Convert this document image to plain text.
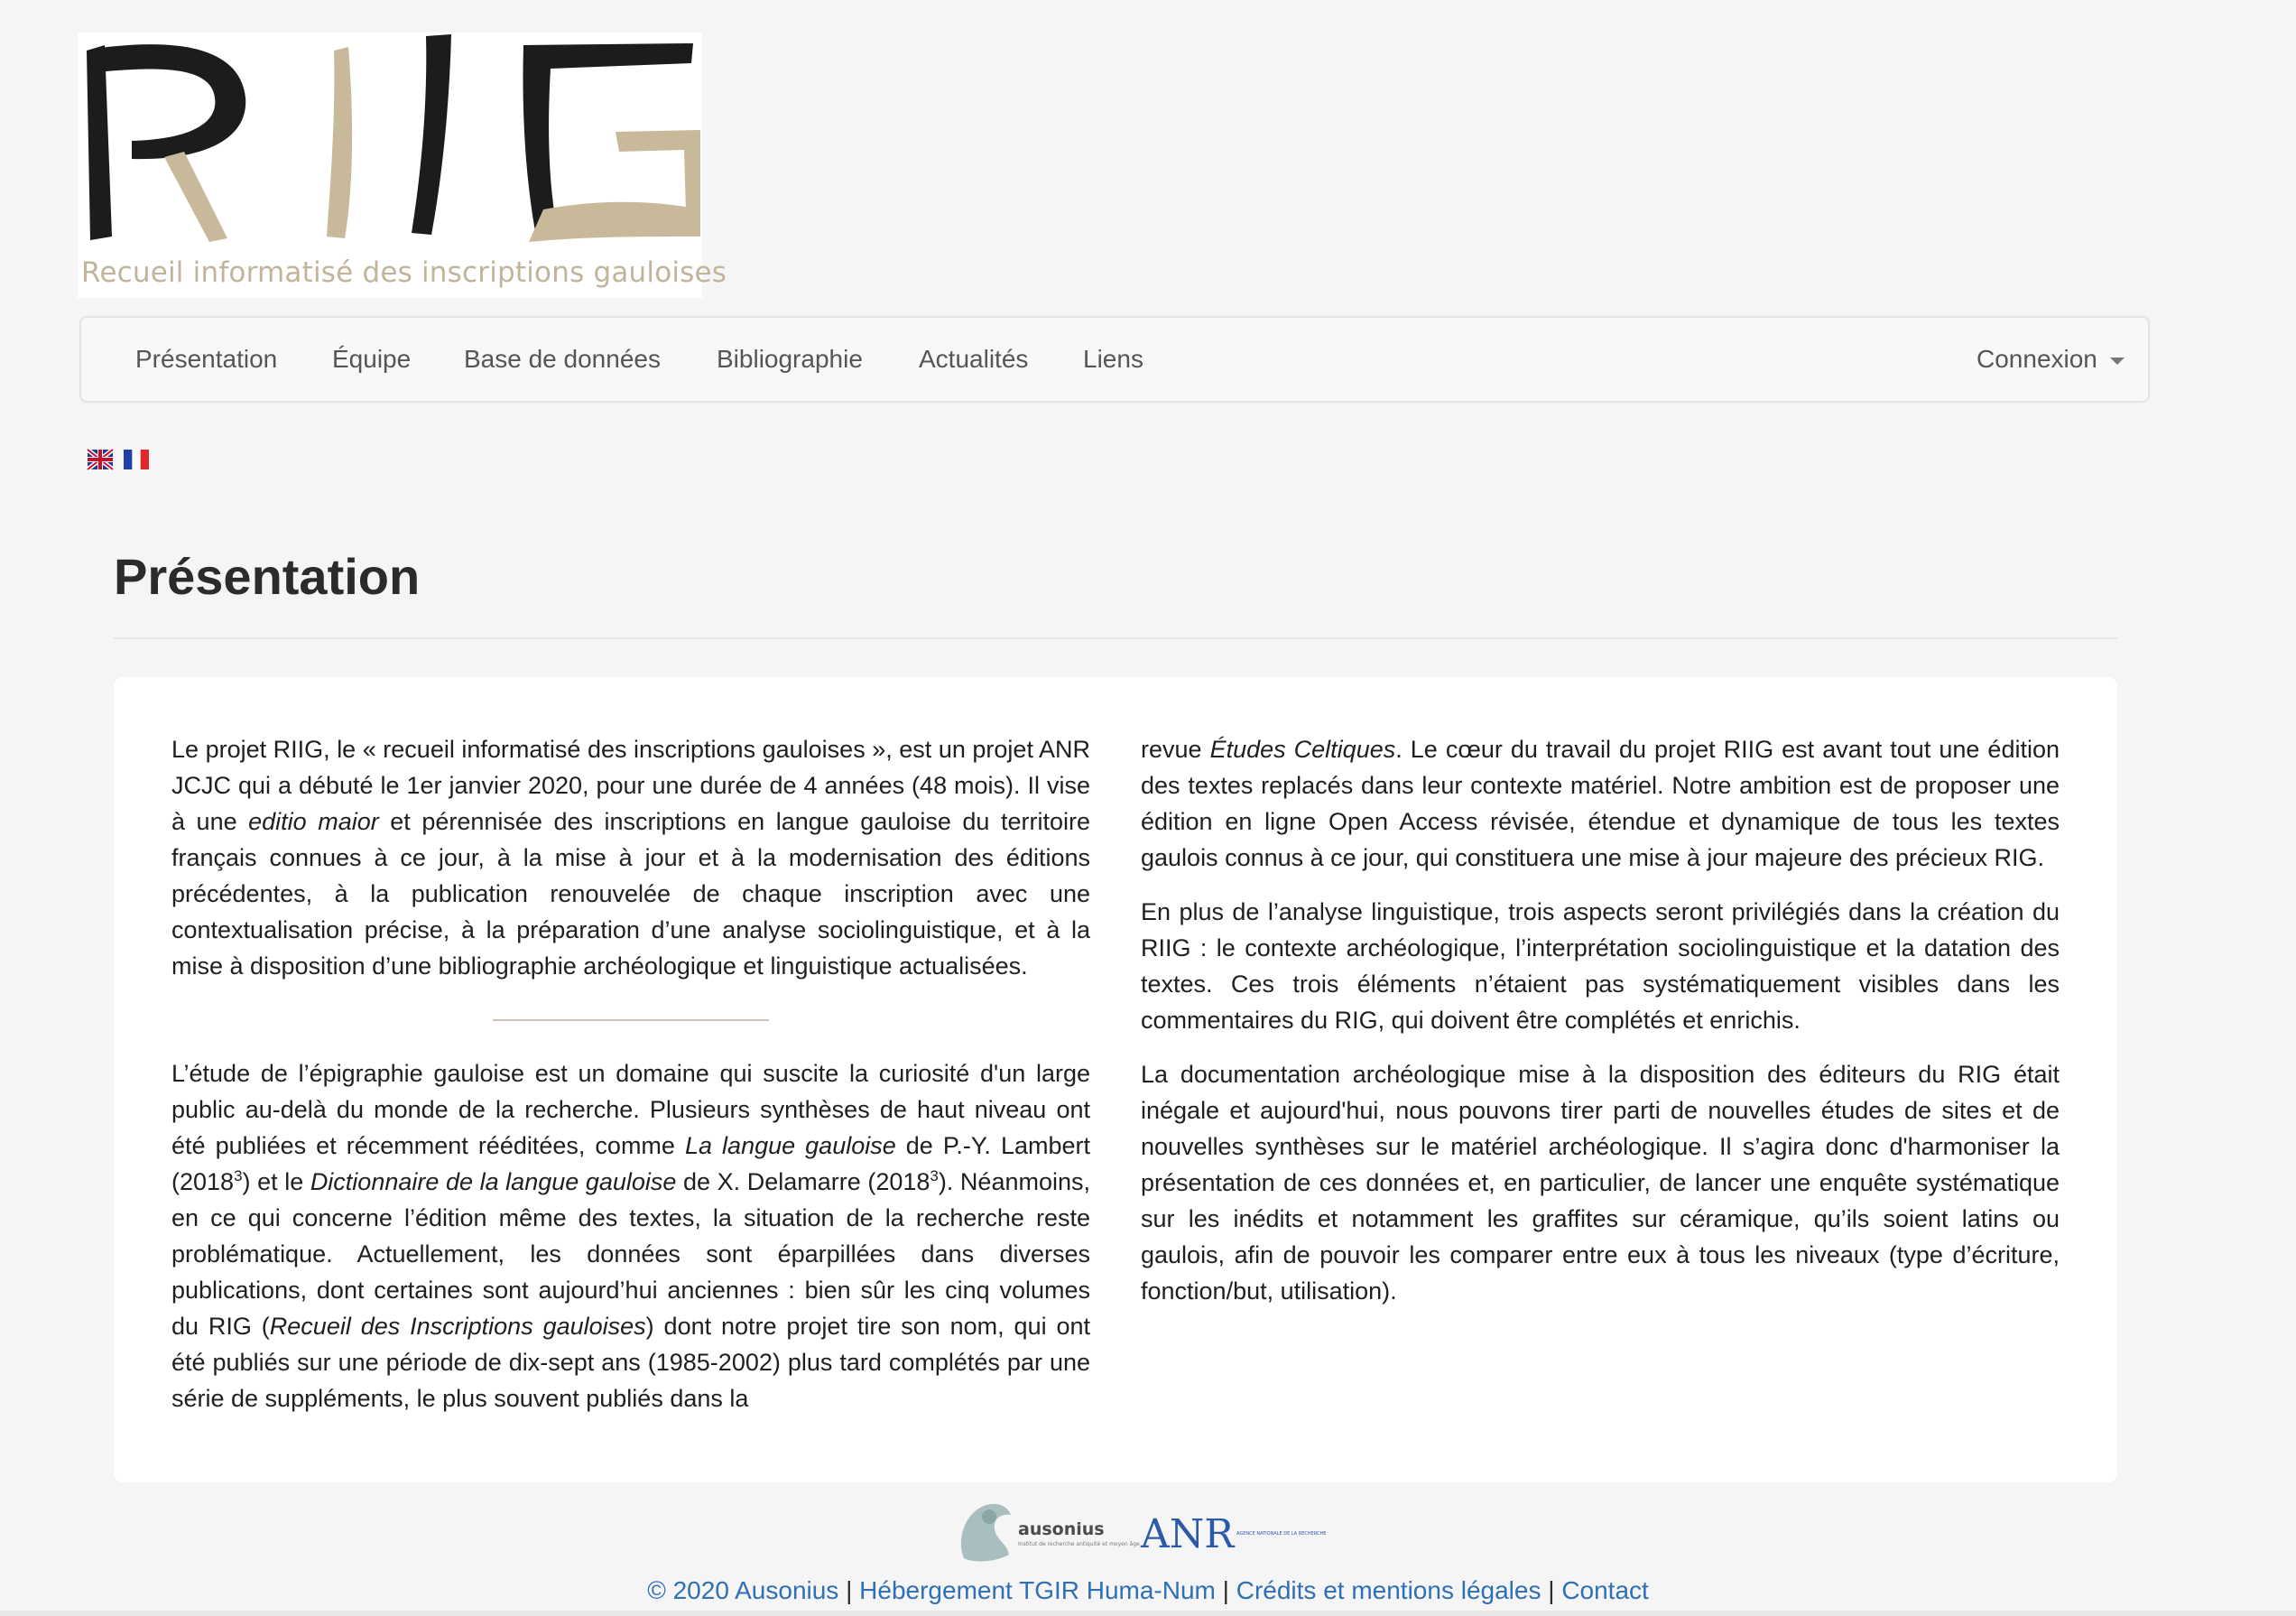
Recueil informatisé des inscriptions gauloises
Présentation Équipe Base de données Bibliographie Actualités Liens	Connexion
Présentation

Le projet RIIG, le « recueil informatisé des inscriptions gauloises », est un projet ANR JCJC qui a débuté le 1er janvier 2020, pour une durée de 4 années (48 mois). Il vise à une editio maior et pérennisée des inscriptions en langue gauloise du territoire français connues à ce jour, à la mise à jour et à la modernisation des éditions précédentes, à la publication renouvelée de chaque inscription avec une contextualisation précise, à la préparation d’une analyse sociolinguistique, et à la mise à disposition d’une bibliographie archéologique et linguistique actualisées.

L’étude de l’épigraphie gauloise est un domaine qui suscite la curiosité d'un large public au-delà du monde de la recherche. Plusieurs synthèses de haut niveau ont été publiées et récemment rééditées, comme La langue gauloise de P.-Y. Lambert (2018$^3$) et le Dictionnaire de la langue gauloise de X. Delamarre (2018$^3$). Néanmoins, en ce qui concerne l’édition même des textes, la situation de la recherche reste problématique. Actuellement, les données sont éparpillées dans diverses publications, dont certaines sont aujourd’hui anciennes : bien sûr les cinq volumes du RIG (Recueil des Inscriptions gauloises) dont notre projet tire son nom, qui ont été publiés sur une période de dix-sept ans (1985-2002) plus tard complétés par une série de suppléments, le plus souvent publiés dans la

revue Études Celtiques. Le cœur du travail du projet RIIG est avant tout une édition des textes replacés dans leur contexte matériel. Notre ambition est de proposer une édition en ligne Open Access révisée, étendue et dynamique de tous les textes gaulois connus à ce jour, qui constituera une mise à jour majeure des précieux RIG.

En plus de l’analyse linguistique, trois aspects seront privilégiés dans la création du RIIG : le contexte archéologique, l’interprétation sociolinguistique et la datation des textes. Ces trois éléments n’étaient pas systématiquement visibles dans les commentaires du RIG, qui doivent être complétés et enrichis.

La documentation archéologique mise à la disposition des éditeurs du RIG était inégale et aujourd'hui, nous pouvons tirer parti de nouvelles études de sites et de nouvelles synthèses sur le matériel archéologique. Il s’agira donc d'harmoniser la présentation de ces données et, en particulier, de lancer une enquête systématique sur les inédits et notamment les graffites sur céramique, qu’ils soient latins ou gaulois, afin de pouvoir les comparer entre eux à tous les niveaux (type d’écriture, fonction/but, utilisation).

ausonius
Institut de recherche antiquité et moyen âge ANR AGENCE NATIONALE DE LA RECHERCHE
© 2020 Ausonius | Hébergement TGIR Huma-Num | Crédits et mentions légales | Contact
